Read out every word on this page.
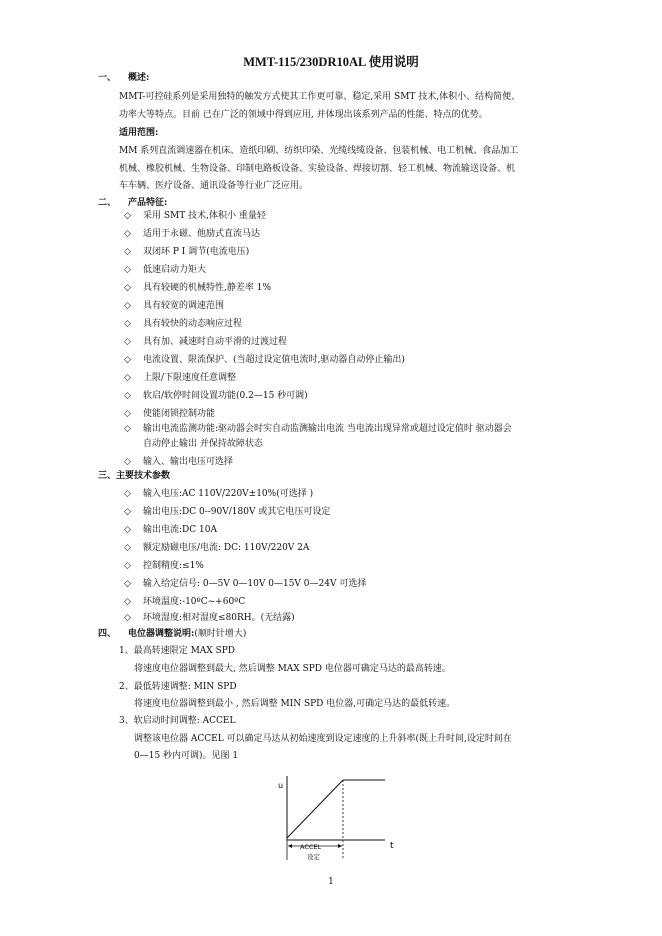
MMT-115/230DR10AL 使用说明
一、 概述:
MMT-可控硅系列是采用独特的触发方式使其工作更可靠、稳定,采用 SMT 技术,体积小、结构简便、
功率大等特点。目前 已在广泛的领域中得到应用, 并体现出该系列产品的性能、特点的优势。
适用范围:
MM 系列直流调速器在机床、造纸印刷、纺织印染、光缆线缆设备、包装机械、电工机械、食品加工
机械、橡胶机械、生物设备、印制电路板设备、实验设备、焊接切割、轻工机械、物流输送设备、机
车车辆、医疗设备、通讯设备等行业广泛应用。
二、 产品特征:
◇ 采用 SMT 技术,体积小 重量轻
◇ 适用于永磁、他励式直流马达
◇ 双闭环 P I 调节(电流电压)
◇ 低速启动力矩大
◇ 具有较硬的机械特性,静差率 1%
◇ 具有较宽的调速范围
◇ 具有较快的动态响应过程
◇ 具有加、减速时自动平滑的过渡过程
◇ 电流设置、限流保护、(当超过设定值电流时,驱动器自动停止输出)
◇ 上限/下限速度任意调整
◇ 软启/软停时间设置功能(0.2—15 秒可调)
◇ 使能闭锁控制功能
◇ 输出电流监测功能:驱动器会时实自动监测输出电流 当电流出现异常或超过设定值时 驱动器会
自动停止输出 并保持故障状态
◇ 输入、输出电压可选择
三、主要技术参数
◇ 输入电压:AC 110V/220V±10%(可选择 )
◇ 输出电压:DC 0--90V/180V 或其它电压可设定
◇ 输出电流:DC 10A
◇ 额定励磁电压/电流: DC: 110V/220V 2A
◇ 控制精度:≤1%
◇ 输入给定信号: 0—5V 0—10V 0—15V 0—24V 可选择
◇ 环境温度:-10ºC~+60ºC
◇ 环境湿度:相对湿度≤80RH。(无结露)
四、 电位器调整说明:(顺时针增大)
1、最高转速限定 MAX SPD
将速度电位器调整到最大, 然后调整 MAX SPD 电位器可确定马达的最高转速。
2、最低转速调整: MIN SPD
将速度电位器调整到最小 , 然后调整 MIN SPD 电位器,可确定马达的最低转速。
3、软启动时间调整: ACCEL
调整该电位器 ACCEL 可以确定马达从初始速度到设定速度的上升斜率(既上升时间,设定时间在
0—15 秒内可调)。见图 1
u
t
ACCEL
设定
1
